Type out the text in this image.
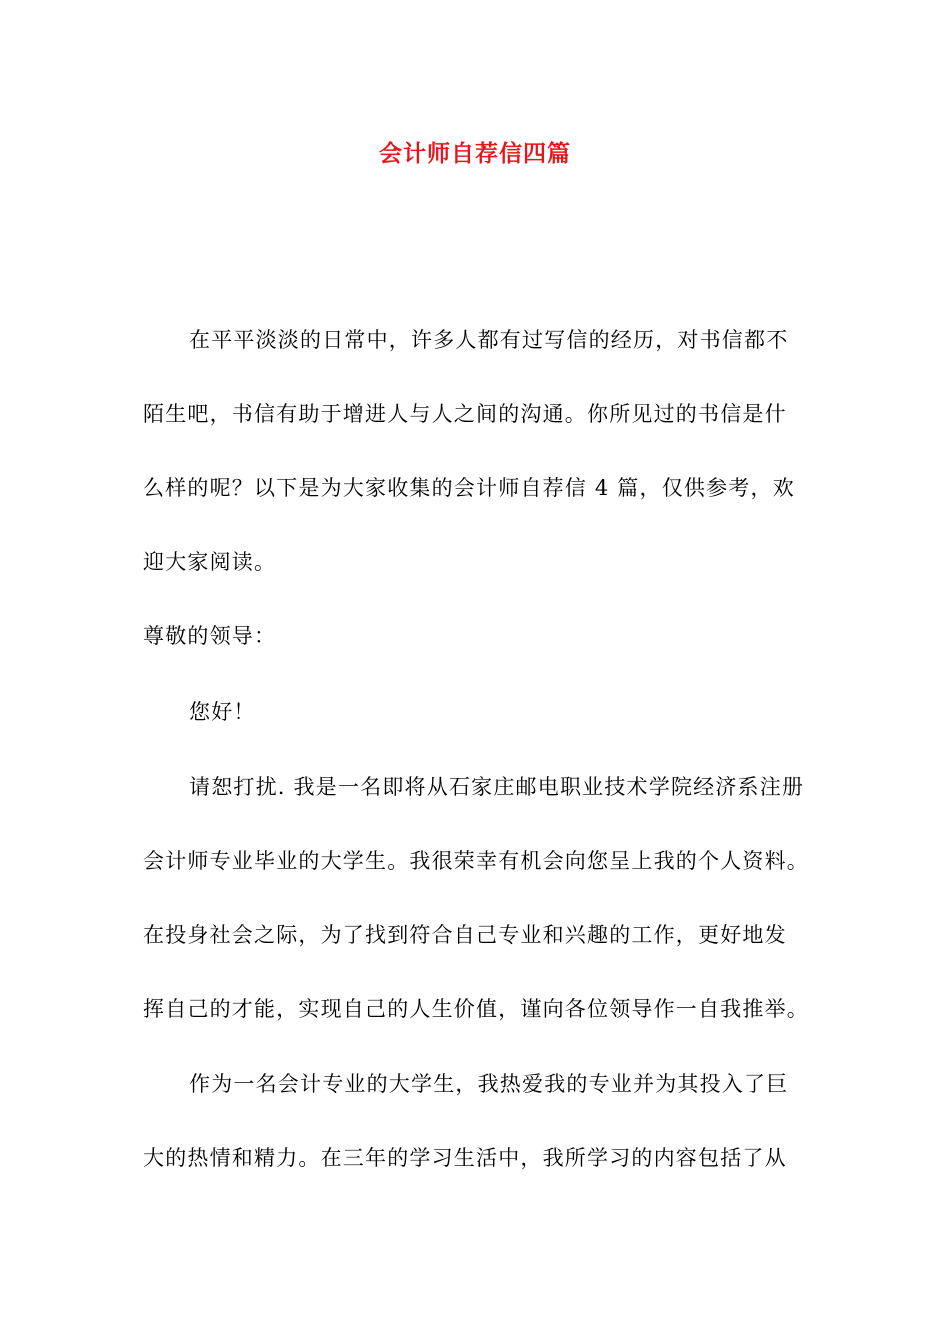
会计师自荐信四篇
在平平淡淡的日常中，许多人都有过写信的经历，对书信都不
陌生吧，书信有助于增进人与人之间的沟通。你所见过的书信是什
么样的呢？以下是为大家收集的会计师自荐信 4 篇，仅供参考，欢
迎大家阅读。
尊敬的领导：
您好！
请恕打扰. 我是一名即将从石家庄邮电职业技术学院经济系注册
会计师专业毕业的大学生。我很荣幸有机会向您呈上我的个人资料。
在投身社会之际，为了找到符合自己专业和兴趣的工作，更好地发
挥自己的才能，实现自己的人生价值，谨向各位领导作一自我推举。
作为一名会计专业的大学生，我热爱我的专业并为其投入了巨
大的热情和精力。在三年的学习生活中，我所学习的内容包括了从
